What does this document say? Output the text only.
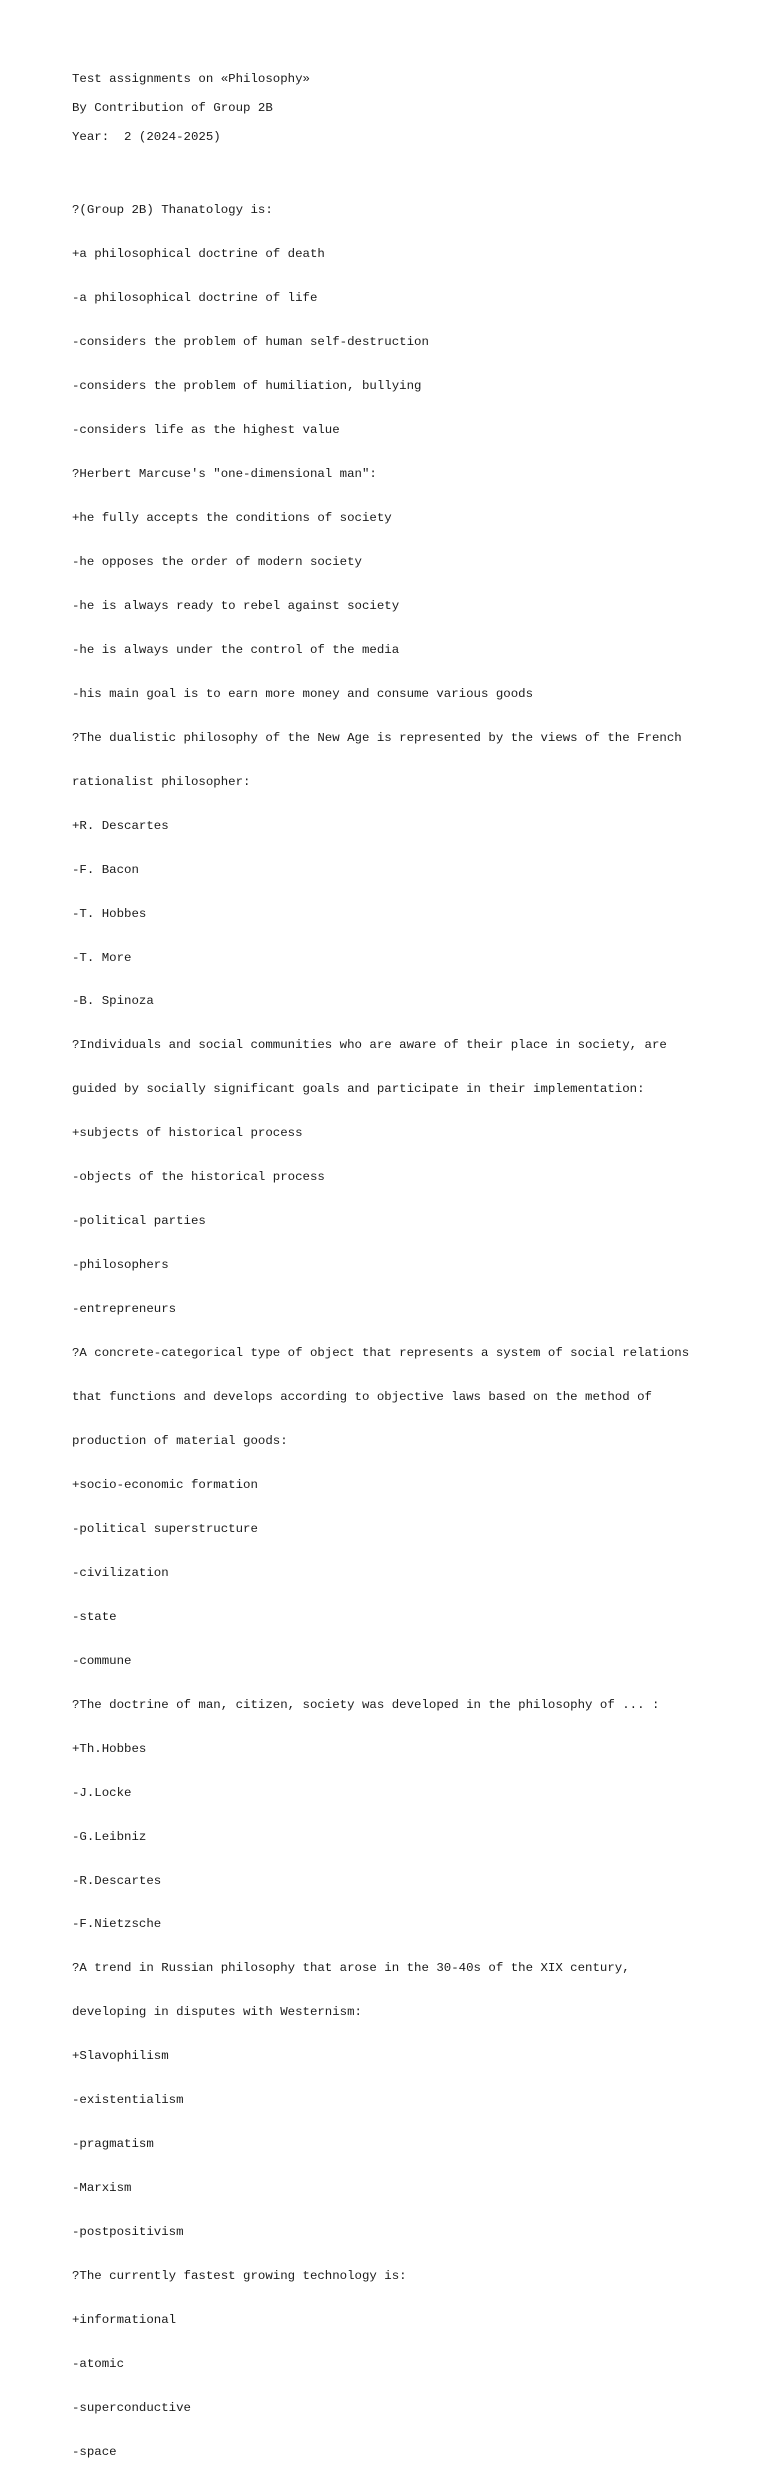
Test assignments on «Philosophy»
By Contribution of Group 2B
Year:  2 (2024-2025)

?(Group 2B) Thanatology is:

+a philosophical doctrine of death

-a philosophical doctrine of life

-considers the problem of human self-destruction

-considers the problem of humiliation, bullying

-considers life as the highest value

?Herbert Marcuse's "one-dimensional man":

+he fully accepts the conditions of society

-he opposes the order of modern society

-he is always ready to rebel against society

-he is always under the control of the media

-his main goal is to earn more money and consume various goods

?The dualistic philosophy of the New Age is represented by the views of the French

rationalist philosopher:

+R. Descartes

-F. Bacon

-T. Hobbes

-T. More

-B. Spinoza

?Individuals and social communities who are aware of their place in society, are

guided by socially significant goals and participate in their implementation:

+subjects of historical process

-objects of the historical process

-political parties

-philosophers

-entrepreneurs

?A concrete-categorical type of object that represents a system of social relations

that functions and develops according to objective laws based on the method of

production of material goods:

+socio-economic formation

-political superstructure

-civilization

-state

-commune

?The doctrine of man, citizen, society was developed in the philosophy of ... :

+Th.Hobbes

-J.Locke

-G.Leibniz

-R.Descartes

-F.Nietzsche

?A trend in Russian philosophy that arose in the 30-40s of the XIX century,

developing in disputes with Westernism:

+Slavophilism

-existentialism

-pragmatism

-Marxism

-postpositivism

?The currently fastest growing technology is:

+informational

-atomic

-superconductive

-space
